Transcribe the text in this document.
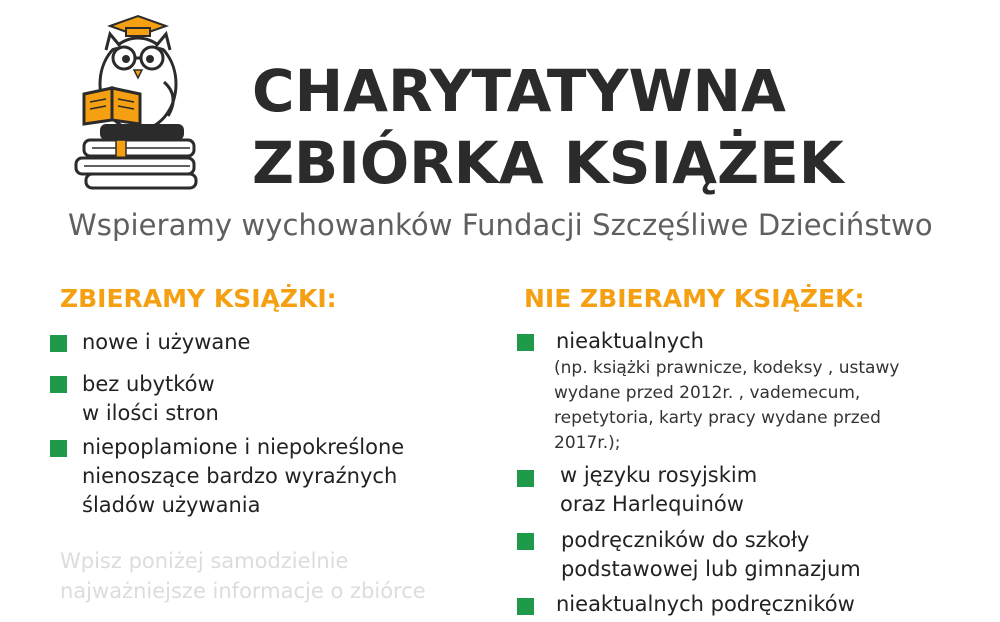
CHARYTATYWNA
ZBIÓRKA KSIĄŻEK
Wspieramy wychowanków Fundacji Szczęśliwe Dzieciństwo
ZBIERAMY KSIĄŻKI:
nowe i używane
bez ubytków
w ilości stron
niepoplamione i niepokreślone
nienoszące bardzo wyraźnych
śladów używania
NIE ZBIERAMY KSIĄŻEK:
nieaktualnych
(np. książki prawnicze, kodeksy , ustawy
wydane przed 2012r. , vademecum,
repetytoria, karty pracy wydane przed
2017r.);
w języku rosyjskim
oraz Harlequinów
podręczników do szkoły
podstawowej lub gimnazjum
nieaktualnych podręczników
Wpisz poniżej samodzielnie
najważniejsze informacje o zbiórce
